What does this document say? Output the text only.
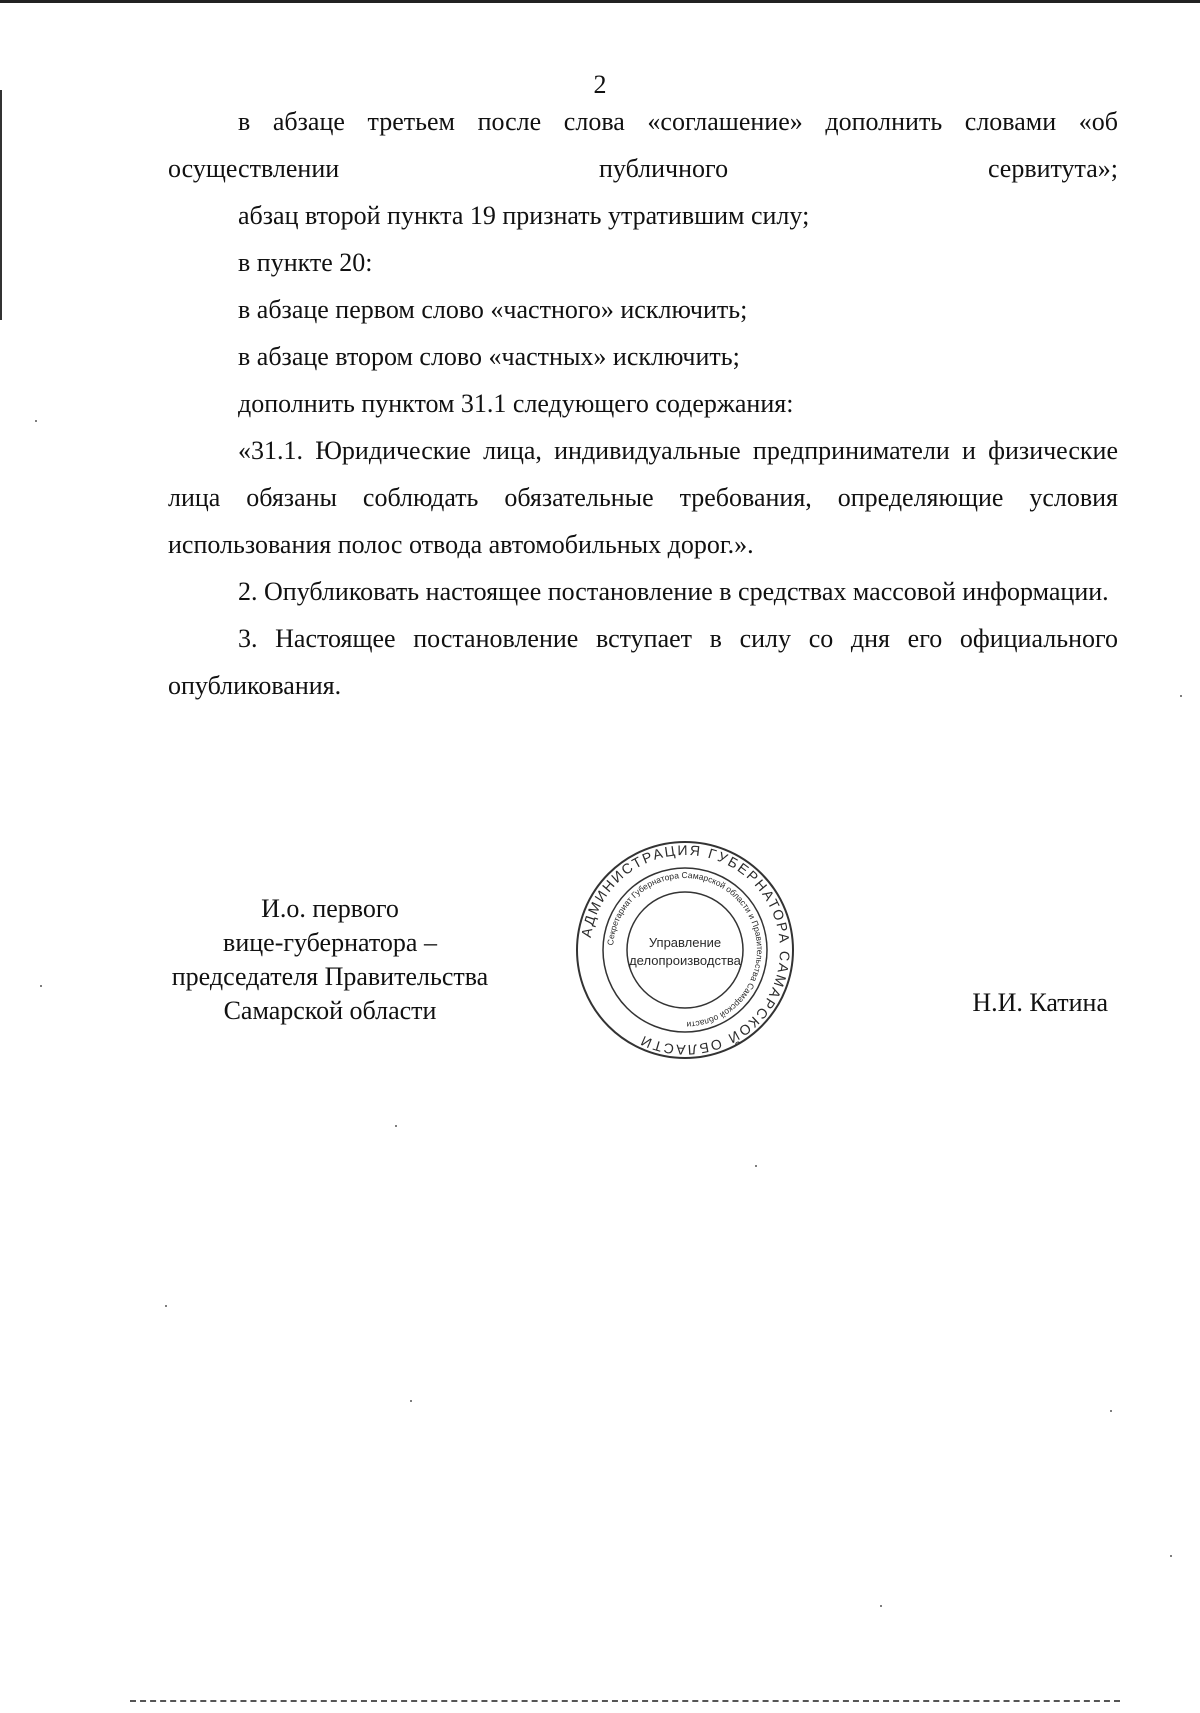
2

в абзаце третьем после слова «соглашение» дополнить словами «об осуществлении публичного сервитута»;

абзац второй пункта 19 признать утратившим силу;

в пункте 20:

в абзаце первом слово «частного» исключить;

в абзаце втором слово «частных» исключить;

дополнить пунктом 31.1 следующего содержания:

«31.1. Юридические лица, индивидуальные предприниматели и физические лица обязаны соблюдать обязательные требования, определяющие условия использования полос отвода автомобильных дорог.».

2. Опубликовать настоящее постановление в средствах массовой информации.

3. Настоящее постановление вступает в силу со дня его официального опубликования.

И.о. первого
вице-губернатора –
председателя Правительства
Самарской области
АДМИНИСТРАЦИЯ ГУБЕРНАТОРА САМАРСКОЙ ОБЛАСТИ
Секретариат Губернатора Самарской области и Правительства Самарской области
Управление
делопроизводства
Н.И. Катина
